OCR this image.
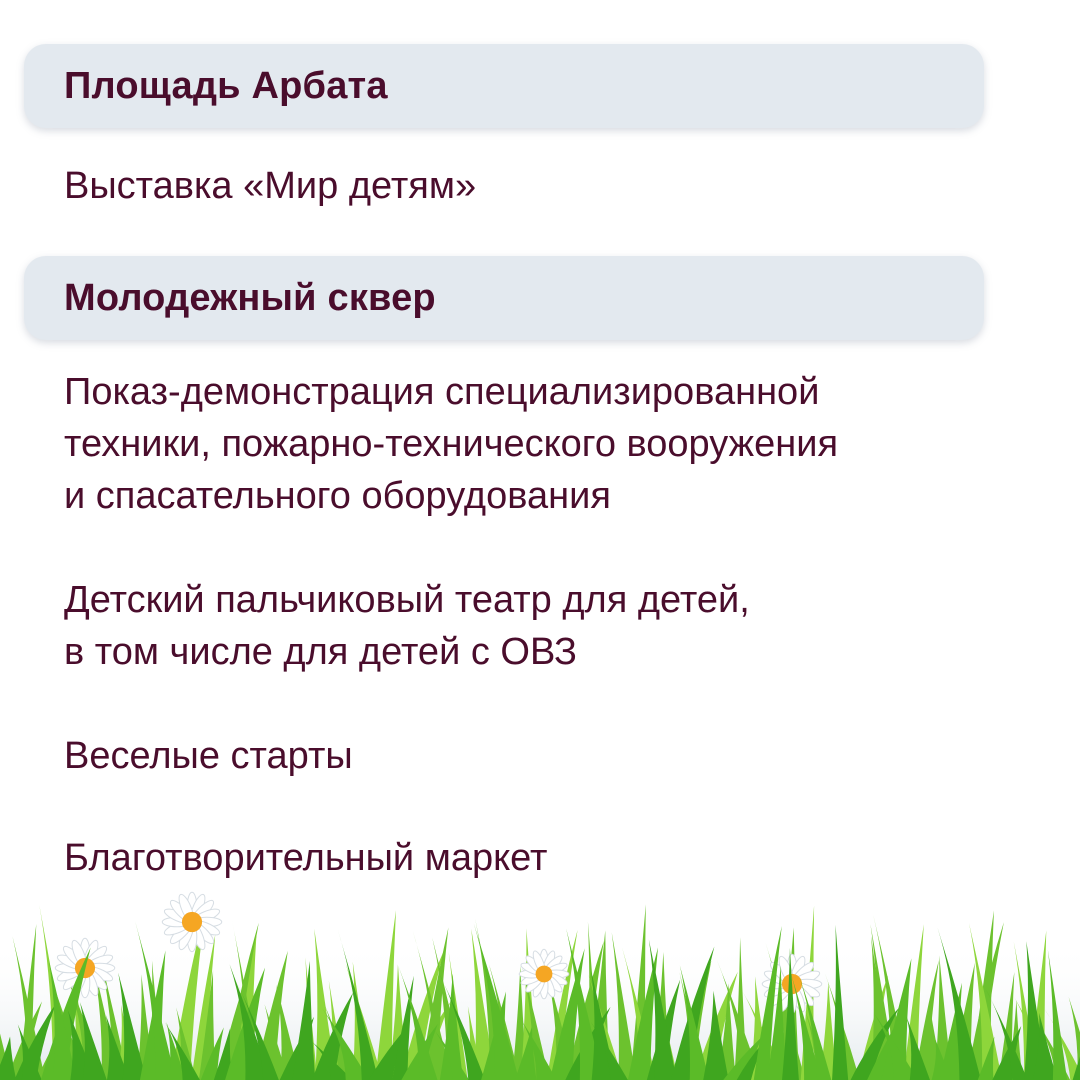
Площадь Арбата
Выставка «Мир детям»
Молодежный сквер
Показ-демонстрация специализированной
техники, пожарно-технического вооружения
и спасательного оборудования
Детский пальчиковый театр для детей,
в том числе для детей с ОВЗ
Веселые старты
Благотворительный маркет
